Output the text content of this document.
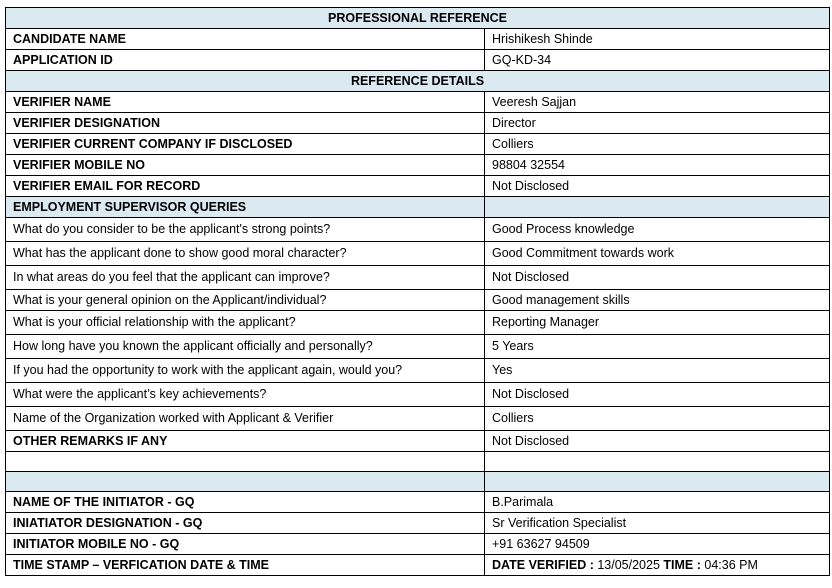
PROFESSIONAL REFERENCE	
CANDIDATE NAME	Hrishikesh Shinde
APPLICATION ID	GQ-KD-34
REFERENCE DETAILS	
VERIFIER NAME	Veeresh Sajjan
VERIFIER DESIGNATION	Director
VERIFIER CURRENT COMPANY IF DISCLOSED	Colliers
VERIFIER MOBILE NO	98804 32554
VERIFIER EMAIL FOR RECORD	Not Disclosed
EMPLOYMENT SUPERVISOR QUERIES	
What do you consider to be the applicant's strong points?	Good Process knowledge
What has the applicant done to show good moral character?	Good Commitment towards work
In what areas do you feel that the applicant can improve?	Not Disclosed
What is your general opinion on the Applicant/individual?	Good management skills
What is your official relationship with the applicant?	Reporting Manager
How long have you known the applicant officially and personally?	5 Years
If you had the opportunity to work with the applicant again, would you?	Yes
What were the applicant’s key achievements?	Not Disclosed
Name of the Organization worked with Applicant & Verifier	Colliers
OTHER REMARKS IF ANY	Not Disclosed

NAME OF THE INITIATOR - GQ	B.Parimala
INIATIATOR DESIGNATION - GQ	Sr Verification Specialist
INITIATOR MOBILE NO - GQ	+91 63627 94509
TIME STAMP – VERFICATION DATE & TIME	DATE VERIFIED : 13/05/2025 TIME : 04:36 PM
